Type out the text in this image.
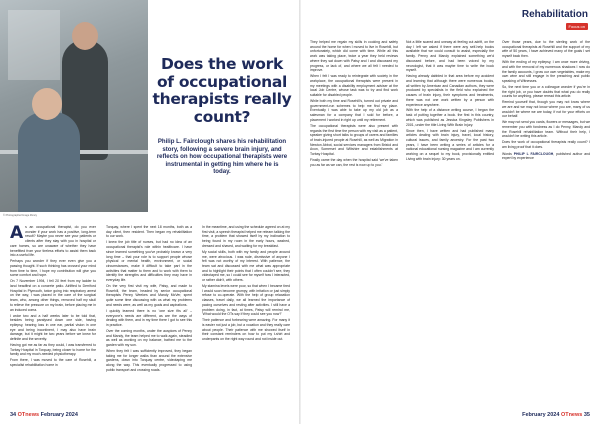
© Photographer/Image library
Does the work of occupational therapists really count?
Philip L. Fairclough shares his rehabilitation story, following a severe brain injury, and reflects on how occupational therapists were instrumental in getting him where he is today.

As an occupational therapist, do you ever wonder if your work has a positive, long-term result? Maybe you never see your patients or clients after they stay with you in hospital or care homes, so are unaware of whether they have benefitted from your tireless efforts to assist them back into a useful life.

Perhaps you wonder if they ever even give you a passing thought. If such thinking has crossed your mind from time to time, I hope my contribution will give you some comfort and hope.

On 7 November 1994, I fell 20 feet from my ladder to land headfirst on a concrete patio. Airlifted to Derriford Hospital in Plymouth, twice going into respiratory arrest on the way, I was placed in the care of the surgical team, who, among other things, removed half my skull to relieve the pressure on my brain, before placing me in an induced coma.

I woke two and a half weeks later to be told that, besides being paralysed down one side, having epilepsy, hearing loss in one ear, partial vision in one eye and being incontinent, I may also have brain damage, but it might be two years before we knew for definite and the severity.

Having got me as far as they could, I was transferred to Torbay Hospital in Torquay, being closer to home for the family and my much-needed physiotherapy.

From there, I was moved to the care of Rosehill, a specialist rehabilitation home in

Torquay, where I spent the next 18 months, both as a day client, then resident. Then began my rehabilitation to our work.

I knew the job title of nurses, but had no idea of an occupational therapist's role within healthcare. I have since learned something you've probably known a very long time – that your role is to support people whose physical or mental health, environment, or social circumstances, make it difficult to take part in the activities that matter to them and to work with them to identify the strengths and difficulties they may have in everyday life.

On the very first visit my wife, Patsy, and made to Rosehill, the team, headed by senior occupational therapists Penny Weekes and Mandy McVer, spent quite some time discussing with us what my problems and needs were, as well as my goals and aspirations.

I quickly learned there is no 'one size fits all' – everyone's needs are different, as are the ways of dealing with them, and in my time there I got to see this in practice.

Over the coming months, under the auspices of Penny and Mandy, the team helped me to walk again, steadied as well as working on my balance, bathed me to the garden with my son.

When they felt I was sufficiently improved, they began taking me for longer walks than around the extensive gardens, down into Torquay centre, videotaping me along the way. This eventually progressed to using public transport and crossing roads.

In the meantime, and using the schedule agreed on at my first visit, a speech therapist helped me relearn talking the time, a problem that showed itself by my inclination to being found in my room in the early hours, washed, dressed and shaved, and waiting for my breakfast.

My social skills, both with my family and people around me, were atrocious. I was rude, dismissive of anyone I felt was not worthy of my interest. With patience, the team sat and discussed with me what was appropriate and to highlight their points that I often couldn't see, they videotaped me, so I could see for myself how I interacted, or rather didn't, with others.

My stamina levels were poor, so that when I became tired I would soon become grumpy, with irritation or just simply refuse to co-operate. With the help of group relaxation classes, travel daily, we all learned the importance of pacing ourselves and resting after activities. I still have a problem doing, in fact, at times, Patsy will remind me, 'What would the OTs say if they could see you now?'

Their patience and forbearing were amazing. For many it is easier not just a job, but a vocation and they really care about people. Their patience with me showed itself in their constant reminders on how to put my t-shirt and underpants on the right way round and not inside out.

34 OTnews February 2024
Rehabilitation
Focus on

They helped me regain my skills in cooking and safety around the home for when I moved to live in Rosehill, but unfortunately, which did come with time. While all this work was taking place, twice a year they held reviews where they sat down with Patsy and I and discussed my progress, or lack of, and where we all felt I needed to improve.

When I felt I was ready to reintegrate with society in the workplace, the occupational therapists were present in my meetings with a disability employment adviser at the local Job Centre, whose task was to try and find work suitable for disabled people.

While both my time and Rosehill's, turned out private and government-run schemes to help me find my place. Eventually I was able to take up my old job as a salesman for a company that I sold for before, a placement I worked in right up until my retirement.

The occupational therapists were also present with regards the first time the person with my visit as a patient, speaker giving short talks to groups of carers and families of brain-injured people at Rosehill, as well as Migration in Newton Abbot, social services managers from Bristol and Avon, Somerset and Wiltshire and establishments at Torbay Hospital.

Finally came the day when the hospital said 'we've taken you as far as we can, the rest is now up to you.'

Not a little scared and uneasy at feeling cut adrift, on the day I left we asked if there were any self-help books available that we could consult to assist, especially the family. Penny and Mandy explained something we'd discussed before, and had been voiced by my neurologist, that it was maybe time to write the book myself.

Having already dabbled in that area before my accident and learning that although there were numerous books, all written by American and Canadian authors, they were produced by specialists in the field who explained the causes of brain injury, their symptoms and treatments, there was not one work written by a person with experience anywhere.

With the help of a distance writing course, I began the task of putting together a book. the first in this country, which was published as Jessica Kingsley Publishers in 2001, under the title Living With Brain Injury.

Since then, I have written and had published many articles dealing with brain injury, travel, local history, cultural issues, and family ancestry. For the past two years, I have been writing a series of articles for a national educational nursing magazine and I am currently working on a sequel to my book, provisionally entitled Living with brain injury: 30 years on.

Over those years, due to the sterling work of the occupational therapists at Rosehill and the support of my wife of 50 years, I have achieved many of the goals I set myself back then.

With the ending of my epilepsy, I am once more driving, and with the removal of my numerous shadows I now do the family accounts, I grow our own vegetables, make my own wine and still engage in the preaching and public speaking of Witnesses.

So, the next time you or a colleague wonder if you're in the right job, or you have doubts that what you do really counts for anything, please reread this article.

Remind yourself that, though you may not know where we are and we may not know where you are, many of us wouldn't be where we are today, if not for your efforts on our behalf.

We may not send you cards, flowers or messages, but we remember you with fondness as I do Penny, Mandy and the Rosehill rehabilitation team. Without their help, I wouldn't be writing this article.

Does the work of occupational therapists really count? I am living proof that it does.

Words PHILIP L FAIRCLOUGH, published author and expert by experience

February 2024 OTnews 35
